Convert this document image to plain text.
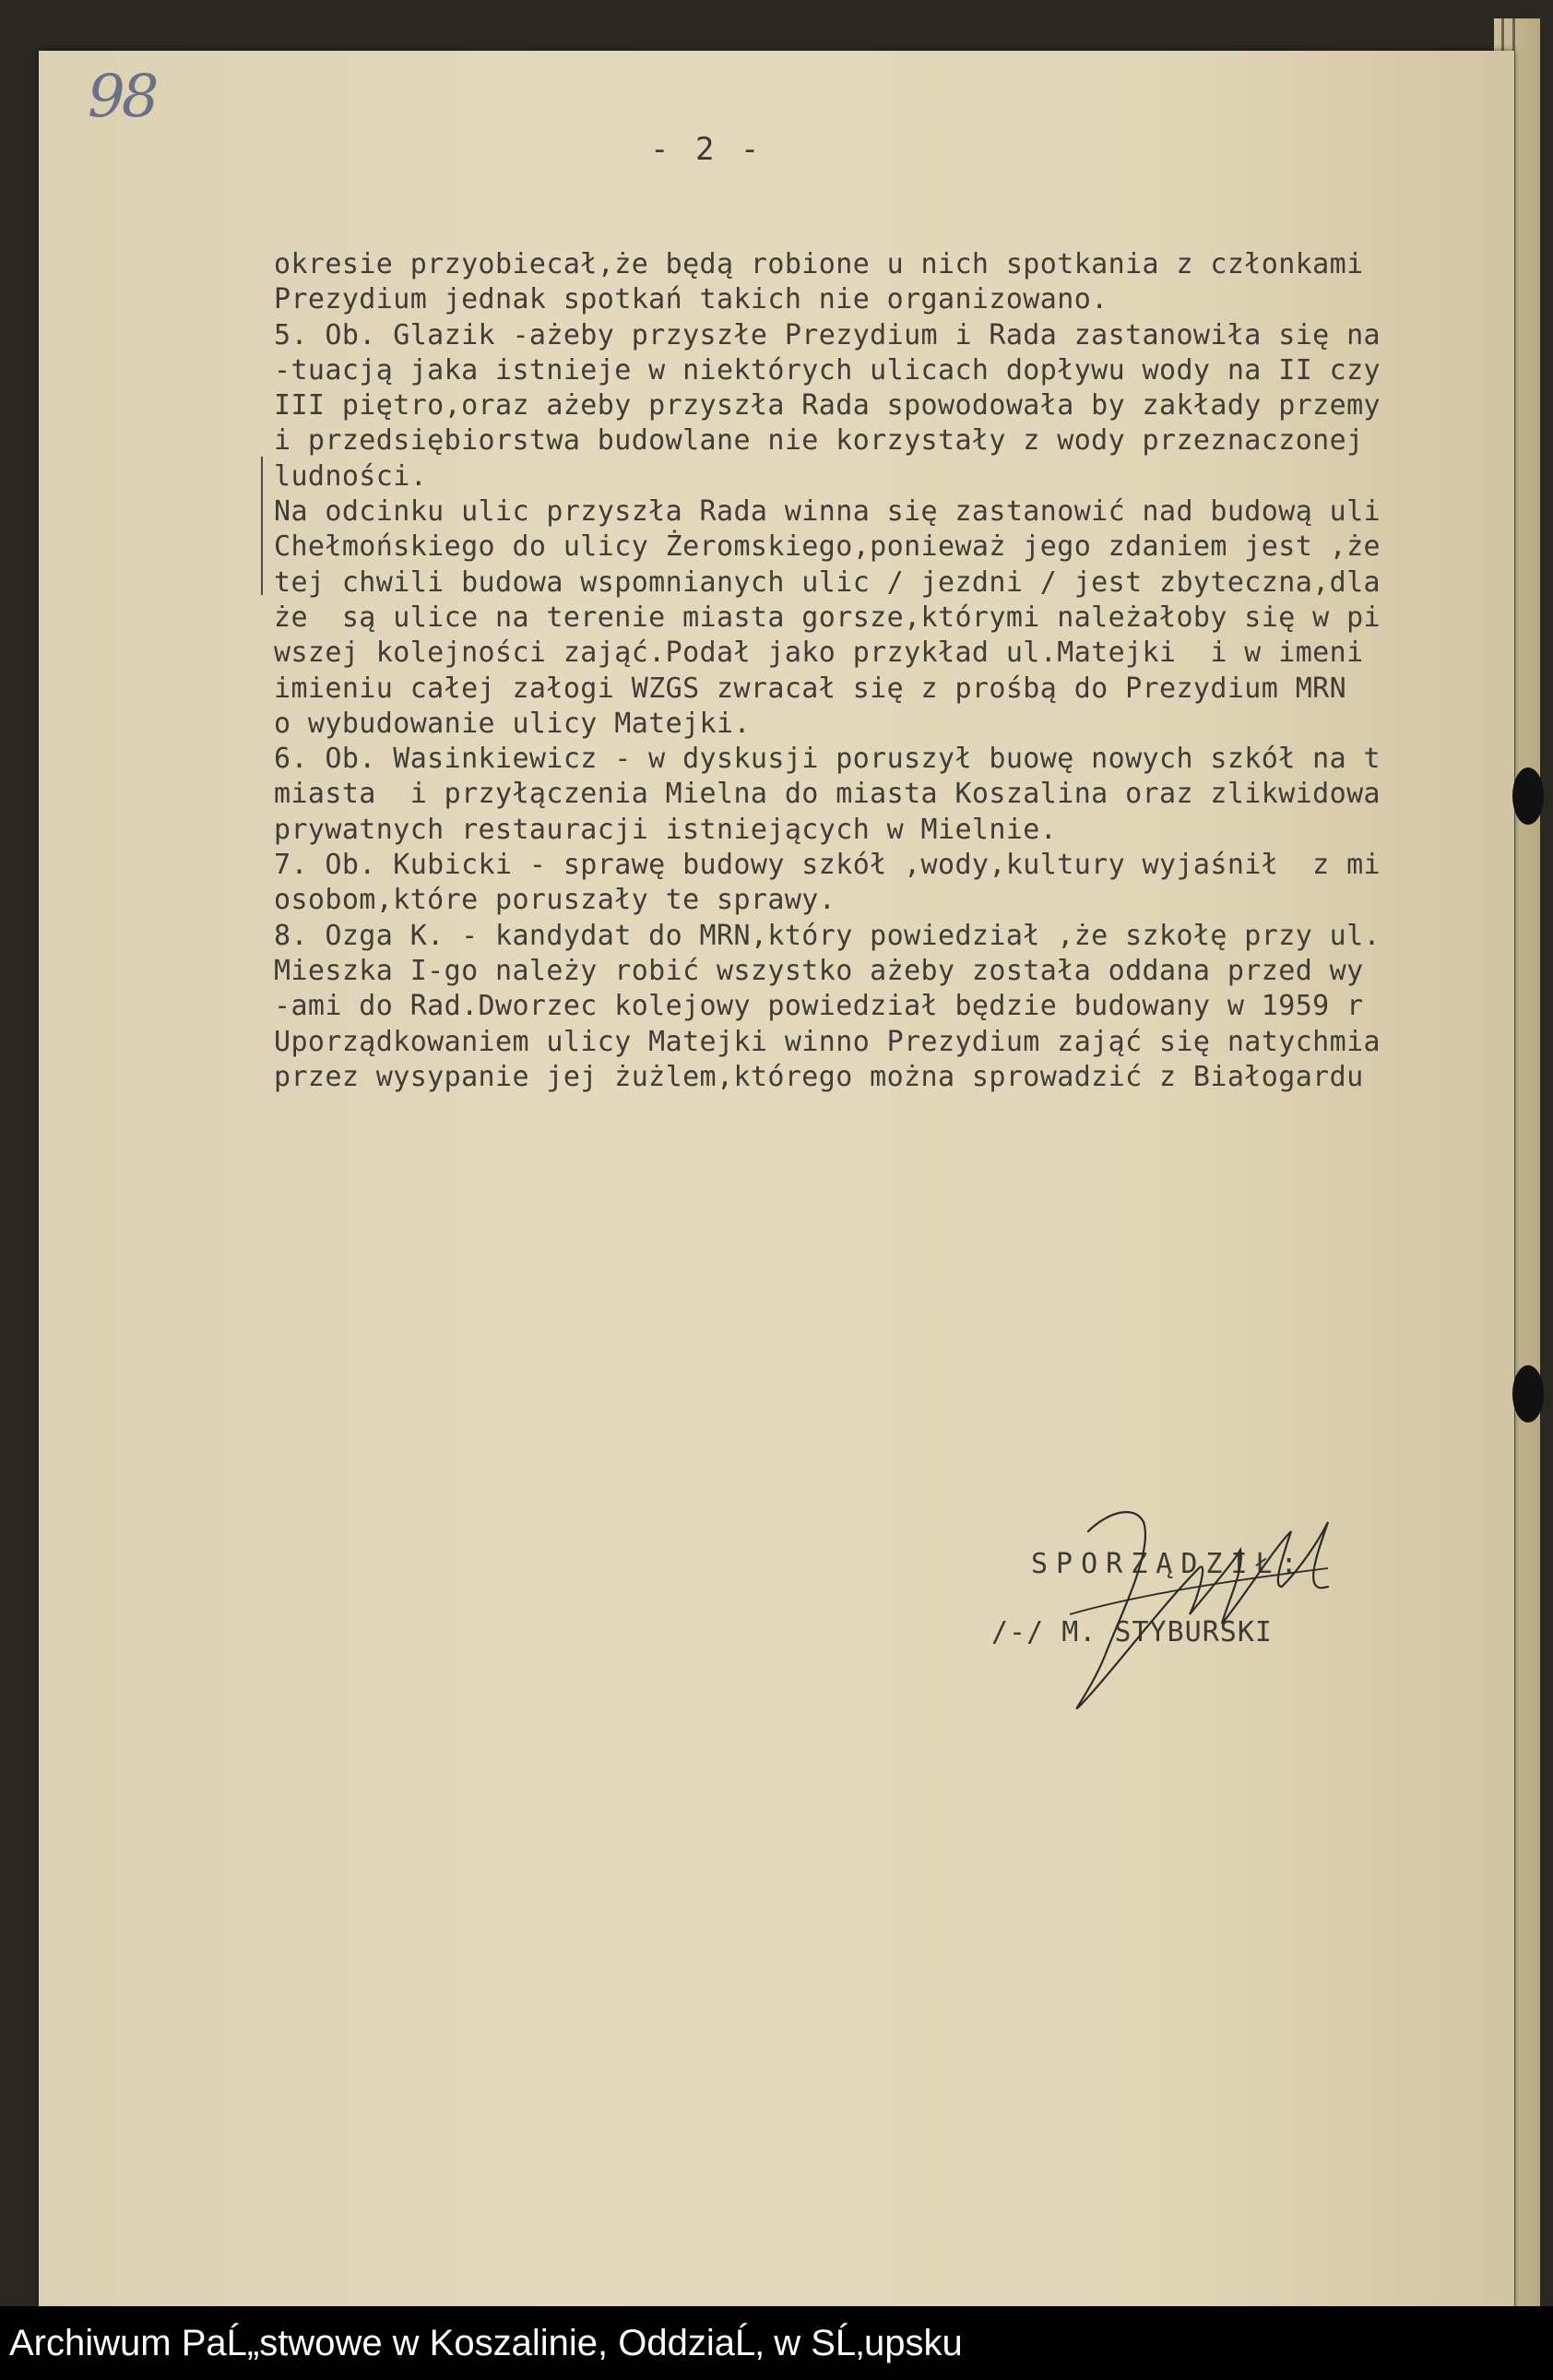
98
- 2 -
okresie przyobiecał,że będą robione u nich spotkania z członkami
Prezydium jednak spotkań takich nie organizowano.
5. Ob. Glazik -ażeby przyszłe Prezydium i Rada zastanowiła się na
-tuacją jaka istnieje w niektórych ulicach dopływu wody na II czy
III piętro,oraz ażeby przyszła Rada spowodowała by zakłady przemy
i przedsiębiorstwa budowlane nie korzystały z wody przeznaczonej
ludności.
Na odcinku ulic przyszła Rada winna się zastanowić nad budową uli
Chełmońskiego do ulicy Żeromskiego,ponieważ jego zdaniem jest ,że
tej chwili budowa wspomnianych ulic / jezdni / jest zbyteczna,dla
że  są ulice na terenie miasta gorsze,którymi należałoby się w pi
wszej kolejności zająć.Podał jako przykład ul.Matejki  i w imeni
imieniu całej załogi WZGS zwracał się z prośbą do Prezydium MRN
o wybudowanie ulicy Matejki.
6. Ob. Wasinkiewicz - w dyskusji poruszył buowę nowych szkół na t
miasta  i przyłączenia Mielna do miasta Koszalina oraz zlikwidowa
prywatnych restauracji istniejących w Mielnie.
7. Ob. Kubicki - sprawę budowy szkół ,wody,kultury wyjaśnił  z mi
osobom,które poruszały te sprawy.
8. Ozga K. - kandydat do MRN,który powiedział ,że szkołę przy ul.
Mieszka I-go należy robić wszystko ażeby została oddana przed wy
-ami do Rad.Dworzec kolejowy powiedział będzie budowany w 1959 r
Uporządkowaniem ulicy Matejki winno Prezydium zająć się natychmia
przez wysypanie jej żużlem,którego można sprowadzić z Białogardu
SPORZĄDZIŁ:
/-/ M. STYBURSKI
Archiwum PaĹ„stwowe w Koszalinie, OddziaĹ‚ w SĹ‚upsku
